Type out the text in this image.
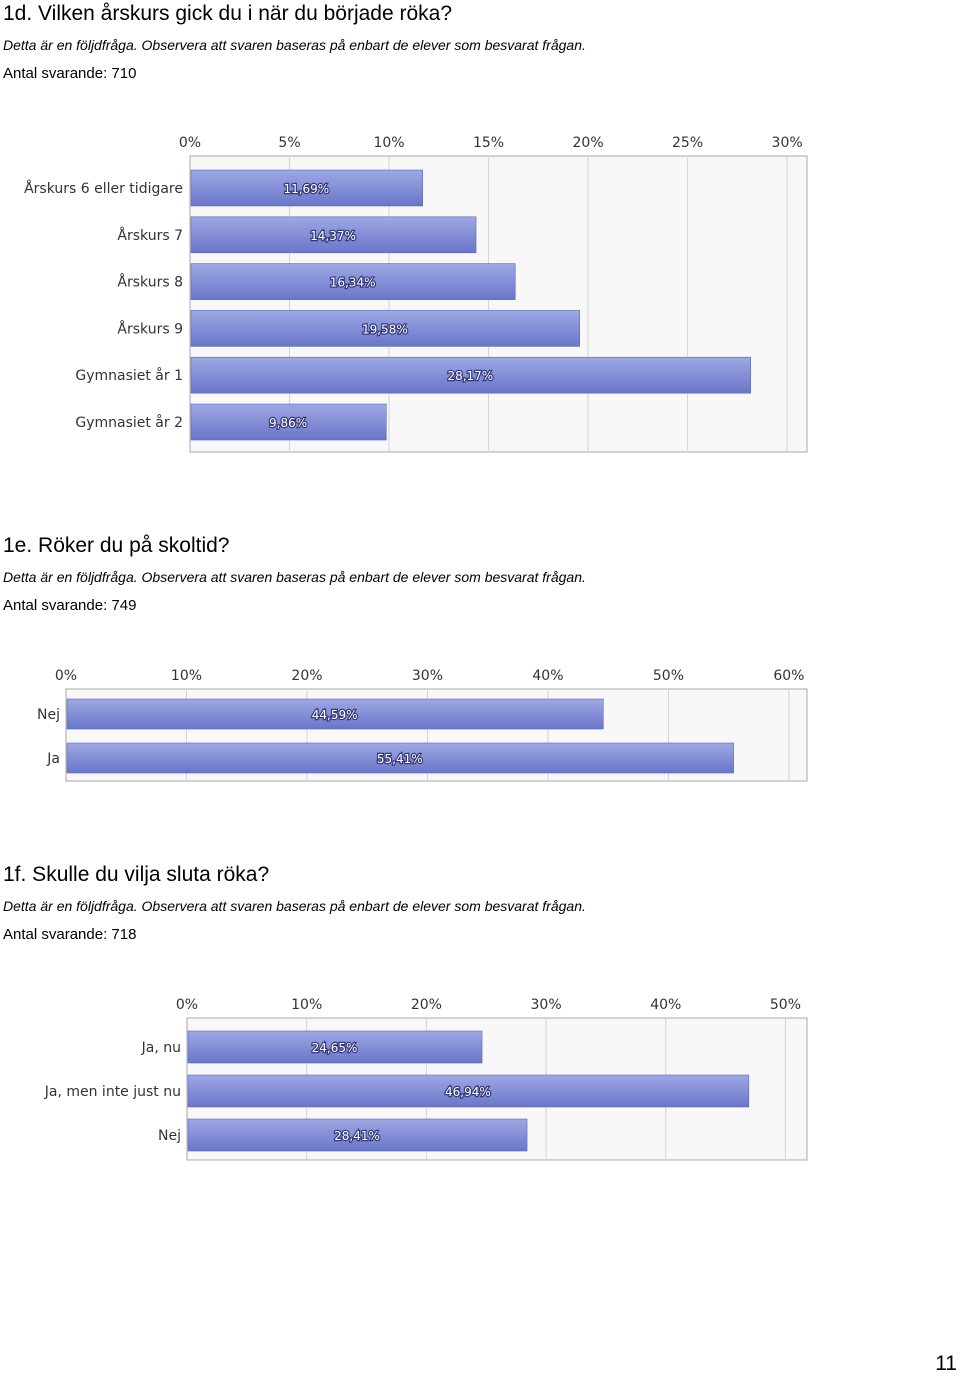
1d. Vilken årskurs gick du i när du började röka?
Detta är en följdfråga. Observera att svaren baseras på enbart de elever som besvarat frågan.
Antal svarande: 710
0%	5%	10%	15%	20%	25%	30%
Årskurs 6 eller tidigare	11,69%
Årskurs 7	14,37%
Årskurs 8	16,34%
Årskurs 9	19,58%
Gymnasiet år 1	28,17%
Gymnasiet år 2	9,86%
1e. Röker du på skoltid?
Detta är en följdfråga. Observera att svaren baseras på enbart de elever som besvarat frågan.
Antal svarande: 749
0%	10%	20%	30%	40%	50%	60%
Nej	44,59%
Ja	55,41%
1f. Skulle du vilja sluta röka?
Detta är en följdfråga. Observera att svaren baseras på enbart de elever som besvarat frågan.
Antal svarande: 718
0%	10%	20%	30%	40%	50%
Ja, nu	24,65%
Ja, men inte just nu	46,94%
Nej	28,41%
11
